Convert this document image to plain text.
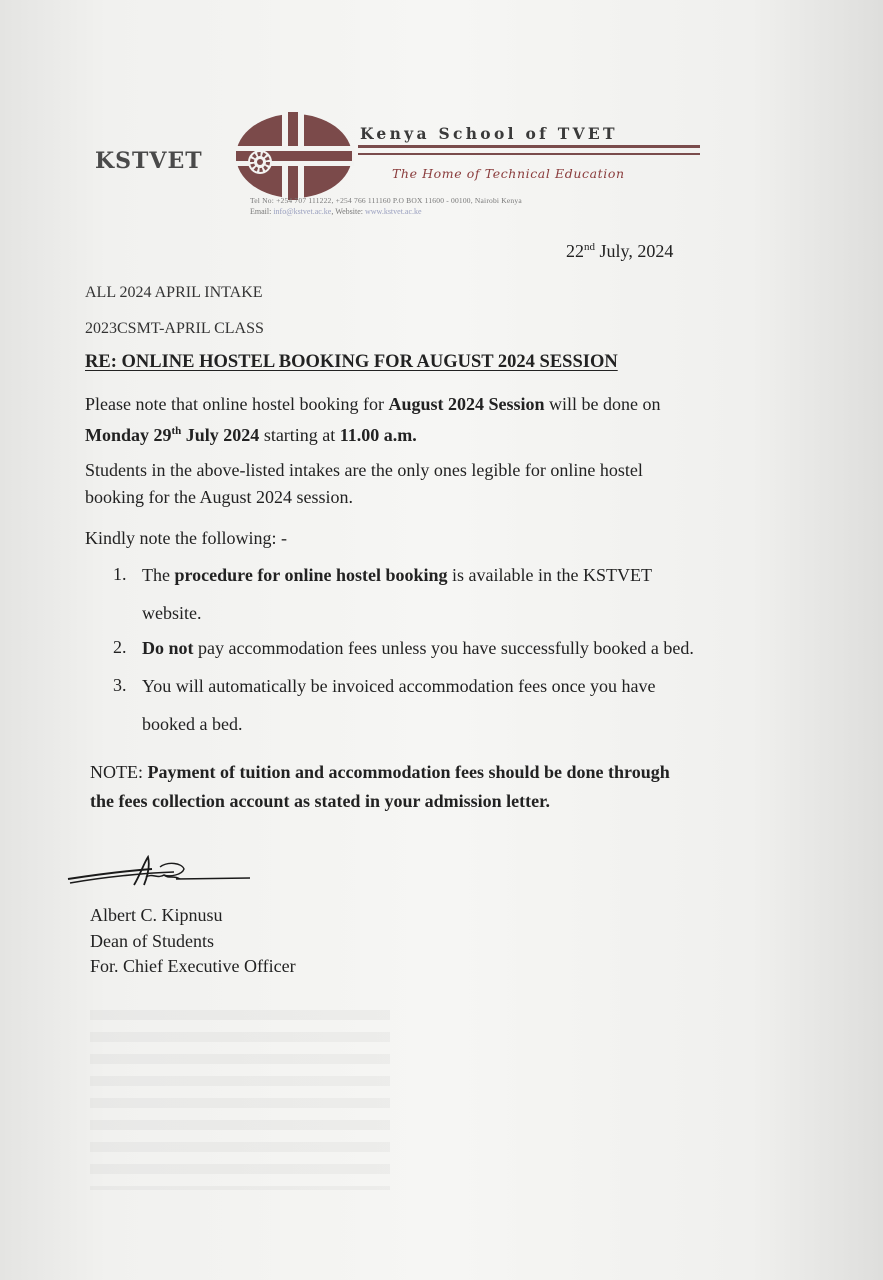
KSTVET
Kenya School of TVET
The Home of Technical Education
Tel No: +254 707 111222, +254 766 111160 P.O BOX 11600 - 00100, Nairobi Kenya
Email: info@kstvet.ac.ke, Website: www.kstvet.ac.ke
22nd July, 2024
ALL 2024 APRIL INTAKE
2023CSMT-APRIL CLASS
RE: ONLINE HOSTEL BOOKING FOR AUGUST 2024 SESSION
Please note that online hostel booking for August 2024 Session will be done on
Monday 29th July 2024 starting at 11.00 a.m.
Students in the above-listed intakes are the only ones legible for online hostel
booking for the August 2024 session.
Kindly note the following: -
1. The procedure for online hostel booking is available in the KSTVET
website.
2. Do not pay accommodation fees unless you have successfully booked a bed.
3. You will automatically be invoiced accommodation fees once you have
booked a bed.
NOTE: Payment of tuition and accommodation fees should be done through
the fees collection account as stated in your admission letter.
Albert C. Kipnusu
Dean of Students
For. Chief Executive Officer
